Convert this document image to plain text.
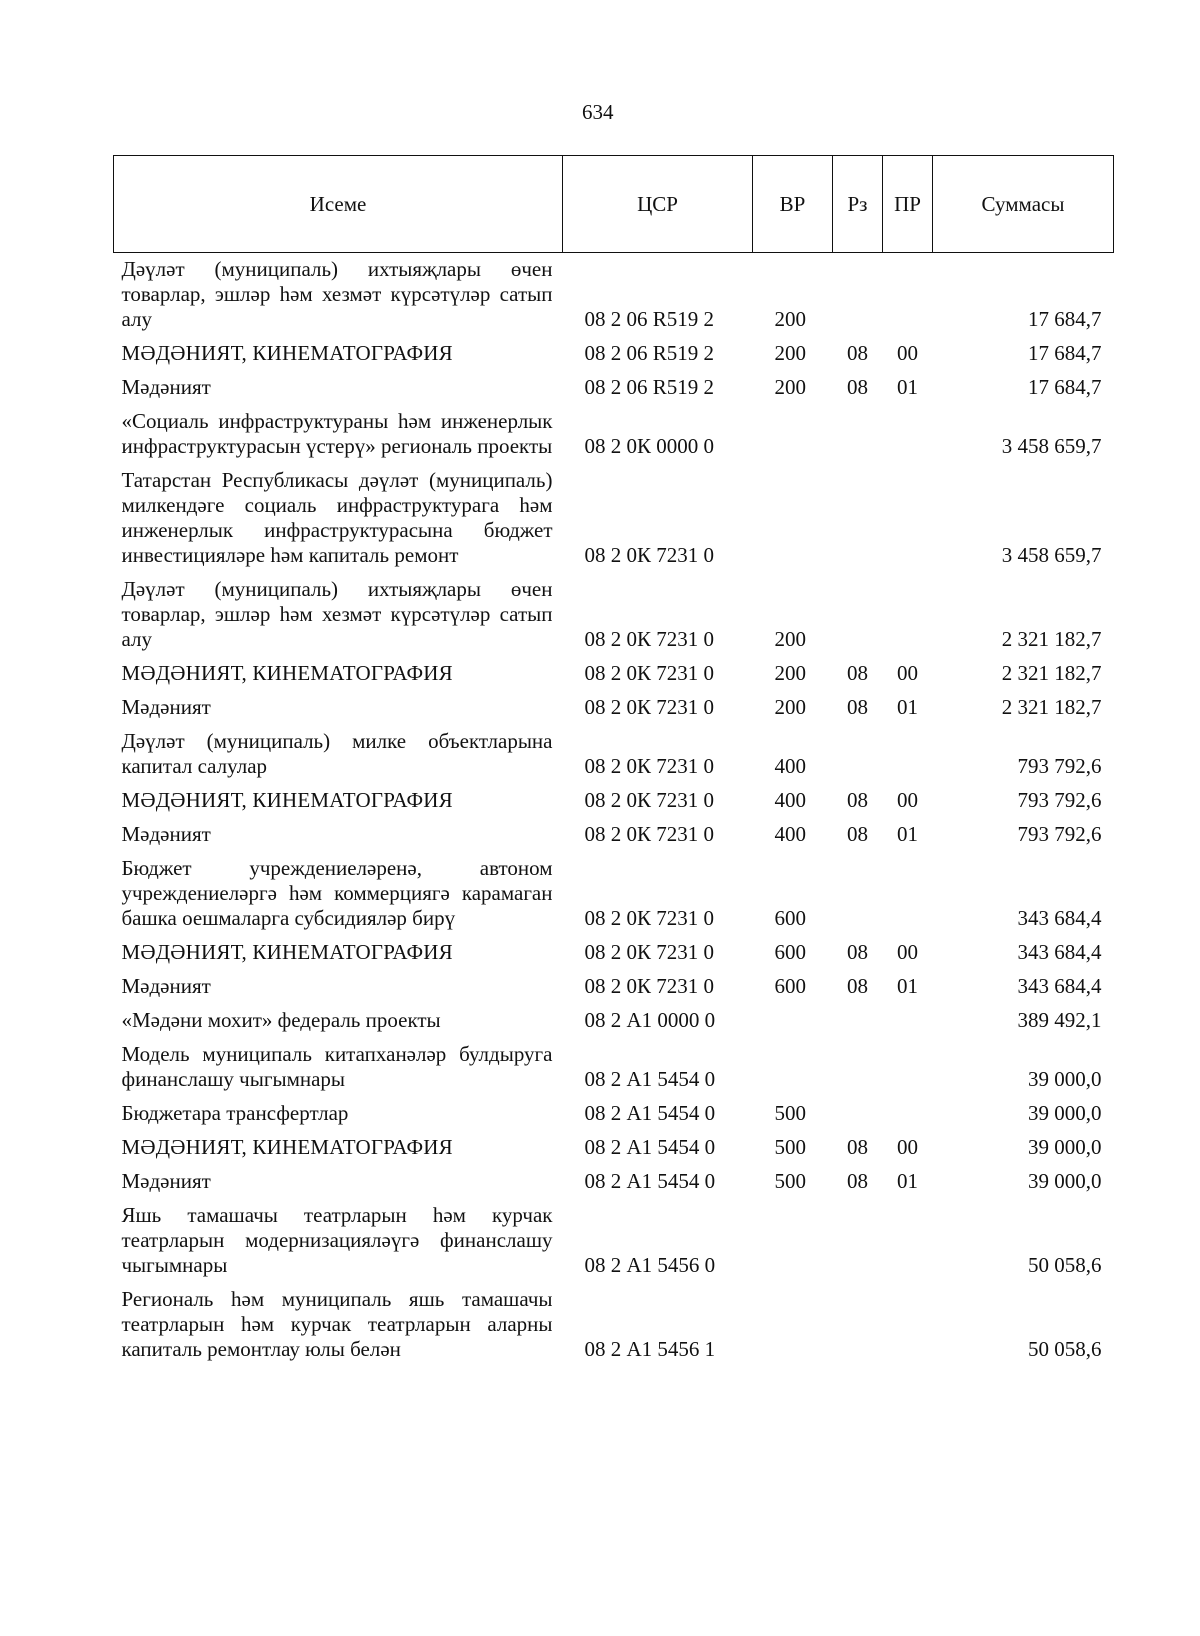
634
Исеме	ЦСР	ВР	Рз	ПР	Суммасы
Дәүләт (муниципаль) ихтыяҗлары өчен товарлар, эшләр һәм хезмәт күрсәтүләр сатып алу	08 2 06 R519 2	200			17 684,7
МӘДӘНИЯТ, КИНЕМАТОГРАФИЯ	08 2 06 R519 2	200	08	00	17 684,7
Мәдәният	08 2 06 R519 2	200	08	01	17 684,7
«Социаль инфраструктураны һәм инженерлык инфраструктурасын үстерү» региональ проекты	08 2 0К 0000 0				3 458 659,7
Татарстан Республикасы дәүләт (муниципаль) милкендәге социаль инфраструктурага һәм инженерлык инфраструктурасына бюджет инвестицияләре һәм капиталь ремонт	08 2 0К 7231 0				3 458 659,7
Дәүләт (муниципаль) ихтыяҗлары өчен товарлар, эшләр һәм хезмәт күрсәтүләр сатып алу	08 2 0К 7231 0	200			2 321 182,7
МӘДӘНИЯТ, КИНЕМАТОГРАФИЯ	08 2 0К 7231 0	200	08	00	2 321 182,7
Мәдәният	08 2 0К 7231 0	200	08	01	2 321 182,7
Дәүләт (муниципаль) милке объектларына капитал салулар	08 2 0К 7231 0	400			793 792,6
МӘДӘНИЯТ, КИНЕМАТОГРАФИЯ	08 2 0К 7231 0	400	08	00	793 792,6
Мәдәният	08 2 0К 7231 0	400	08	01	793 792,6
Бюджет учреждениеләренә, автоном учреждениеләргә һәм коммерциягә карамаган башка оешмаларга субсидияләр бирү	08 2 0К 7231 0	600			343 684,4
МӘДӘНИЯТ, КИНЕМАТОГРАФИЯ	08 2 0К 7231 0	600	08	00	343 684,4
Мәдәният	08 2 0К 7231 0	600	08	01	343 684,4
«Мәдәни мохит» федераль проекты	08 2 А1 0000 0				389 492,1
Модель муниципаль китапханәләр булдыруга финанслашу чыгымнары	08 2 А1 5454 0				39 000,0
Бюджетара трансфертлар	08 2 А1 5454 0	500			39 000,0
МӘДӘНИЯТ, КИНЕМАТОГРАФИЯ	08 2 А1 5454 0	500	08	00	39 000,0
Мәдәният	08 2 А1 5454 0	500	08	01	39 000,0
Яшь тамашачы театрларын һәм курчак театрларын модернизацияләүгә финанслашу чыгымнары	08 2 А1 5456 0				50 058,6
Региональ һәм муниципаль яшь тамашачы театрларын һәм курчак театрларын аларны капиталь ремонтлау юлы белән	08 2 А1 5456 1				50 058,6
